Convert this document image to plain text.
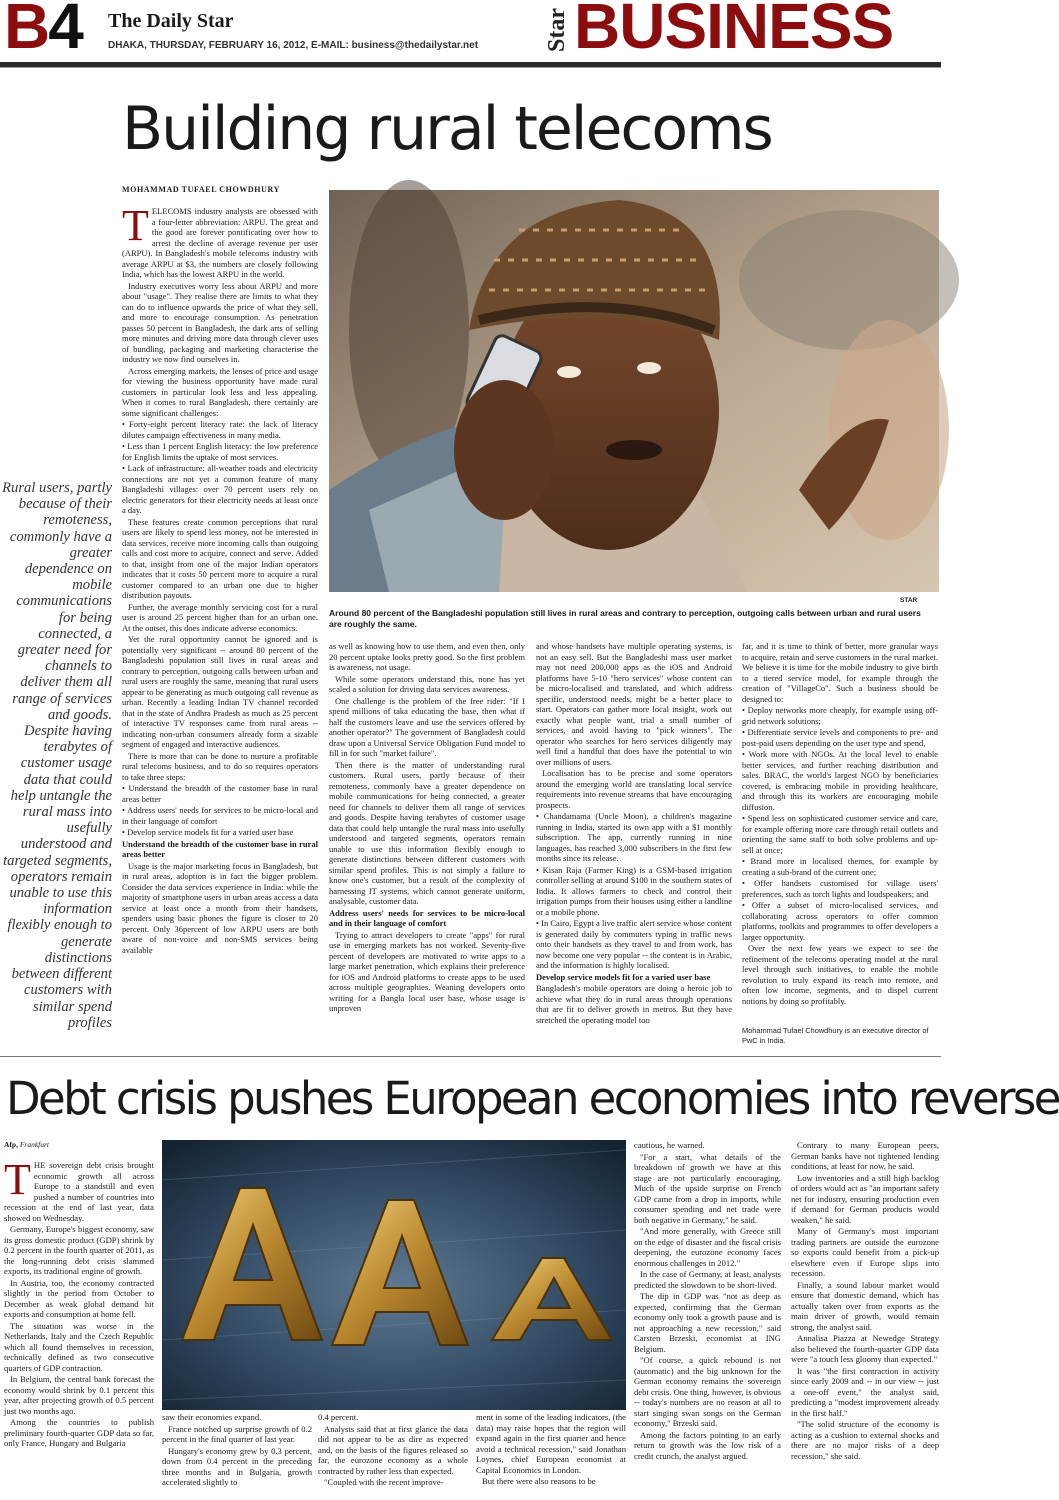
B4 The Daily Star
DHAKA, THURSDAY, FEBRUARY 16, 2012, E-MAIL: business@thedailystar.net	Star BUSINESS
Building rural telecoms
MOHAMMAD TUFAEL CHOWDHURY
Rural users, partly because of their remoteness, commonly have a greater dependence on mobile communications for being connected, a greater need for channels to deliver them all range of services and goods. Despite having terabytes of customer usage data that could help untangle the rural mass into usefully understood and targeted segments, operators remain unable to use this information flexibly enough to generate distinctions between different customers with similar spend profiles
T ELECOMS industry analysts are obsessed with a four-letter abbreviation: ARPU. The great and the good are forever pontificating over how to arrest the decline of average revenue per user (ARPU). In Bangladesh's mobile telecoms industry with average ARPU at $3, the numbers are closely following India, which has the lowest ARPU in the world.

Industry executives worry less about ARPU and more about "usage". They realise there are limits to what they can do to influence upwards the price of what they sell, and more to encourage consumption. As penetration passes 50 percent in Bangladesh, the dark arts of selling more minutes and driving more data through clever uses of bundling, packaging and marketing characterise the industry we now find ourselves in.

Across emerging markets, the lenses of price and usage for viewing the business opportunity have made rural customers in particular look less and less appealing. When it comes to rural Bangladesh, there certainly are some significant challenges:

• Forty-eight percent literacy rate: the lack of literacy dilutes campaign effectiveness in many media.

• Less than 1 percent English literacy: the low preference for English limits the uptake of most services.

• Lack of infrastructure: all-weather roads and electricity connections are not yet a common feature of many Bangladeshi villages: over 70 percent users rely on electric generators for their electricity needs at least once a day.

These features create common perceptions that rural users are likely to spend less money, not be interested in data services, receive more incoming calls than outgoing calls and cost more to acquire, connect and serve. Added to that, insight from one of the major Indian operators indicates that it costs 50 percent more to acquire a rural customer compared to an urban one due to higher distribution payouts.

Further, the average monthly servicing cost for a rural user is around 25 percent higher than for an urban one. At the outset, this does indicate adverse economics.

Yet the rural opportunity cannot be ignored and is potentially very significant -- around 80 percent of the Bangladeshi population still lives in rural areas and contrary to perception, outgoing calls between urban and rural users are roughly the same, meaning that rural users appear to be generating as much outgoing call revenue as urban. Recently a leading Indian TV channel recorded that in the state of Andhra Pradesh as much as 25 percent of interactive TV responses came from rural areas -- indicating non-urban consumers already form a sizable segment of engaged and interactive audiences.

There is more that can be done to nurture a profitable rural telecoms business, and to do so requires operators to take three steps:

• Understand the breadth of the customer base in rural areas better

• Address users' needs for services to be micro-local and in their language of comfort

• Develop service models fit for a varied user base

Understand the breadth of the customer base in rural areas better

Usage is the major marketing focus in Bangladesh, but in rural areas, adoption is in fact the bigger problem. Consider the data services experience in India: while the majority of smartphone users in urban areas access a data service at least once a month from their handsets, spenders using basic phones the figure is closer to 20 percent. Only 36percent of low ARPU users are both aware of non-voice and non-SMS services being available

STAR
Around 80 percent of the Bangladeshi population still lives in rural areas and contrary to perception, outgoing calls between urban and rural users are roughly the same.

as well as knowing how to use them, and even then, only 20 percent uptake looks pretty good. So the first problem is awareness, not usage.

While some operators understand this, none has yet scaled a solution for driving data services awareness.

One challenge is the problem of the free rider: "If I spend millions of taka educating the base, then what if half the customers leave and use the services offered by another operator?" The government of Bangladesh could draw upon a Universal Service Obligation Fund model to fill in for such "market failure".

Then there is the matter of understanding rural customers. Rural users, partly because of their remoteness, commonly have a greater dependence on mobile communications for being connected, a greater need for channels to deliver them all range of services and goods. Despite having terabytes of customer usage data that could help untangle the rural mass into usefully understood and targeted segments, operators remain unable to use this information flexibly enough to generate distinctions between different customers with similar spend profiles. This is not simply a failure to know one's customer, but a result of the complexity of harnessing IT systems, which cannot generate uniform, analysable, customer data.

Address users' needs for services to be micro-local and in their language of comfort

Trying to attract developers to create "apps" for rural use in emerging markets has not worked. Seventy-five percent of developers are motivated to write apps to a large market penetration, which explains their preference for iOS and Android platforms to create apps to be used across multiple geographies. Weaning developers onto writing for a Bangla local user base, whose usage is unproven

and whose handsets have multiple operating systems, is not an easy sell. But the Bangladeshi mass user market may not need 200,000 apps as the iOS and Android platforms have 5-10 "hero services" whose content can be micro-localised and translated, and which address specific, understood needs, might be a better place to start. Operators can gather more local insight, work out exactly what people want, trial a small number of services, and avoid having to "pick winners". The operator who searches for hero services diligently may well find a handful that does have the potential to win over millions of users.

Localisation has to be precise and some operators around the emerging world are translating local service requirements into revenue streams that have encouraging prospects.

• Chandamama (Uncle Moon), a children's magazine running in India, started its own app with a $1 monthly subscription. The app, currently running in nine languages, has reached 3,000 subscribers in the first few months since its release.

• Kisan Raja (Farmer King) is a GSM-based irrigation controller selling at around $100 in the southern states of India. It allows farmers to check and control their irrigation pumps from their houses using either a landline or a mobile phone.

• In Cairo, Egypt a live traffic alert service whose content is generated daily by commuters typing in traffic news onto their handsets as they travel to and from work, has now become one very popular -- the content is in Arabic, and the information is highly localised.

Develop service models fit for a varied user base

Bangladesh's mobile operators are doing a heroic job to achieve what they do in rural areas through operations that are fit to deliver growth in metros. But they have stretched the operating model too

far, and it is time to think of better, more granular ways to acquire, retain and serve customers in the rural market. We believe it is time for the mobile industry to give birth to a tiered service model, for example through the creation of "VillageCo". Such a business should be designed to:

• Deploy networks more cheaply, for example using off-grid network solutions;

• Differentiate service levels and components to pre- and post-paid users depending on the user type and spend,

• Work more with NGOs. At the local level to enable better services, and further reaching distribution and sales. BRAC, the world's largest NGO by beneficiaries covered, is embracing mobile in providing healthcare, and through this its workers are encouraging mobile diffusion.

• Spend less on sophisticated customer service and care, for example offering more care through retail outlets and orienting the same staff to both solve problems and up-sell at once;

• Brand more in localised themes, for example by creating a sub-brand of the current one;

• Offer handsets customised for village users' preferences, such as torch lights and loudspeakers; and

• Offer a subset of micro-localised services, and collaborating across operators to offer common platforms, toolkits and programmes to offer developers a larger opportunity.

Over the next few years we expect to see the refinement of the telecoms operating model at the rural level through such initiatives, to enable the mobile revolution to truly expand its reach into remote, and often low income, segments, and to dispel current notions by doing so profitably.

Mohammad Tufael Chowdhury is an executive director of PwC in India.
Debt crisis pushes European economies into reverse
Afp, Frankfurt
T HE sovereign debt crisis brought economic growth all across Europe to a standstill and even pushed a number of countries into recession at the end of last year, data showed on Wednesday.

Germany, Europe's biggest economy, saw its gross domestic product (GDP) shrink by 0.2 percent in the fourth quarter of 2011, as the long-running debt crisis slammed exports, its traditional engine of growth.

In Austria, too, the economy contracted slightly in the period from October to December as weak global demand hit exports and consumption at home fell.

The situation was worse in the Netherlands, Italy and the Czech Republic which all found themselves in recession, technically defined as two consecutive quarters of GDP contraction.

In Belgium, the central bank forecast the economy would shrink by 0.1 percent this year, after projecting growth of 0.5 percent just two months ago.

Among the countries to publish preliminary fourth-quarter GDP data so far, only France, Hungary and Bulgaria

saw their economies expand.

France notched up surprise growth of 0.2 percent in the final quarter of last year.

Hungary's economy grew by 0.3 percent, down from 0.4 percent in the preceding three months and in Bulgaria, growth accelerated slightly to

0.4 percent.

Analysts said that at first glance the data did not appear to be as dire as expected and, on the basis of the figures released so far, the eurozone economy as a whole contracted by rather less than expected.

"Coupled with the recent improve-

ment in some of the leading indicators, (the data) may raise hopes that the region will expand again in the first quarter and hence avoid a technical recession," said Jonathan Loynes, chief European economist at Capital Economics in London.

But there were also reasons to be

cautious, he warned.

"For a start, what details of the breakdown of growth we have at this stage are not particularly encouraging. Much of the upside surprise on French GDP came from a drop in imports, while consumer spending and net trade were both negative in Germany," he said.

"And more generally, with Greece still on the edge of disaster and the fiscal crisis deepening, the eurozone economy faces enormous challenges in 2012."

In the case of Germany, at least, analysts predicted the slowdown to be short-lived.

The dip in GDP was "not as deep as expected, confirming that the German economy only took a growth pause and is not approaching a new recession," said Carsten Brzeski, economist at ING Belgium.

"Of course, a quick rebound is not (automatic) and the big unknown for the German economy remains the sovereign debt crisis. One thing, however, is obvious -- today's numbers are no reason at all to start singing swan songs on the German economy," Brzeski said.

Among the factors pointing to an early return to growth was the low risk of a credit crunch, the analyst argued.

Contrary to many European peers, German banks have not tightened lending conditions, at least for now, he said.

Low inventories and a still high backlog of orders would act as "an important safety net for industry, ensuring production even if demand for German products would weaken," he said.

Many of Germany's most important trading partners are outside the eurozone so exports could benefit from a pick-up elsewhere even if Europe slips into recession.

Finally, a sound labour market would ensure that domestic demand, which has actually taken over from exports as the main driver of growth, would remain strong, the analyst said.

Annalisa Piazza at Newedge Strategy also believed the fourth-quarter GDP data were "a touch less gloomy than expected."

It was "the first contraction in activity since early 2009 and -- in our view -- just a one-off event," the analyst said, predicting a "modest improvement already in the first half."

"The solid structure of the economy is acting as a cushion to external shocks and there are no major risks of a deep recession," she said.
